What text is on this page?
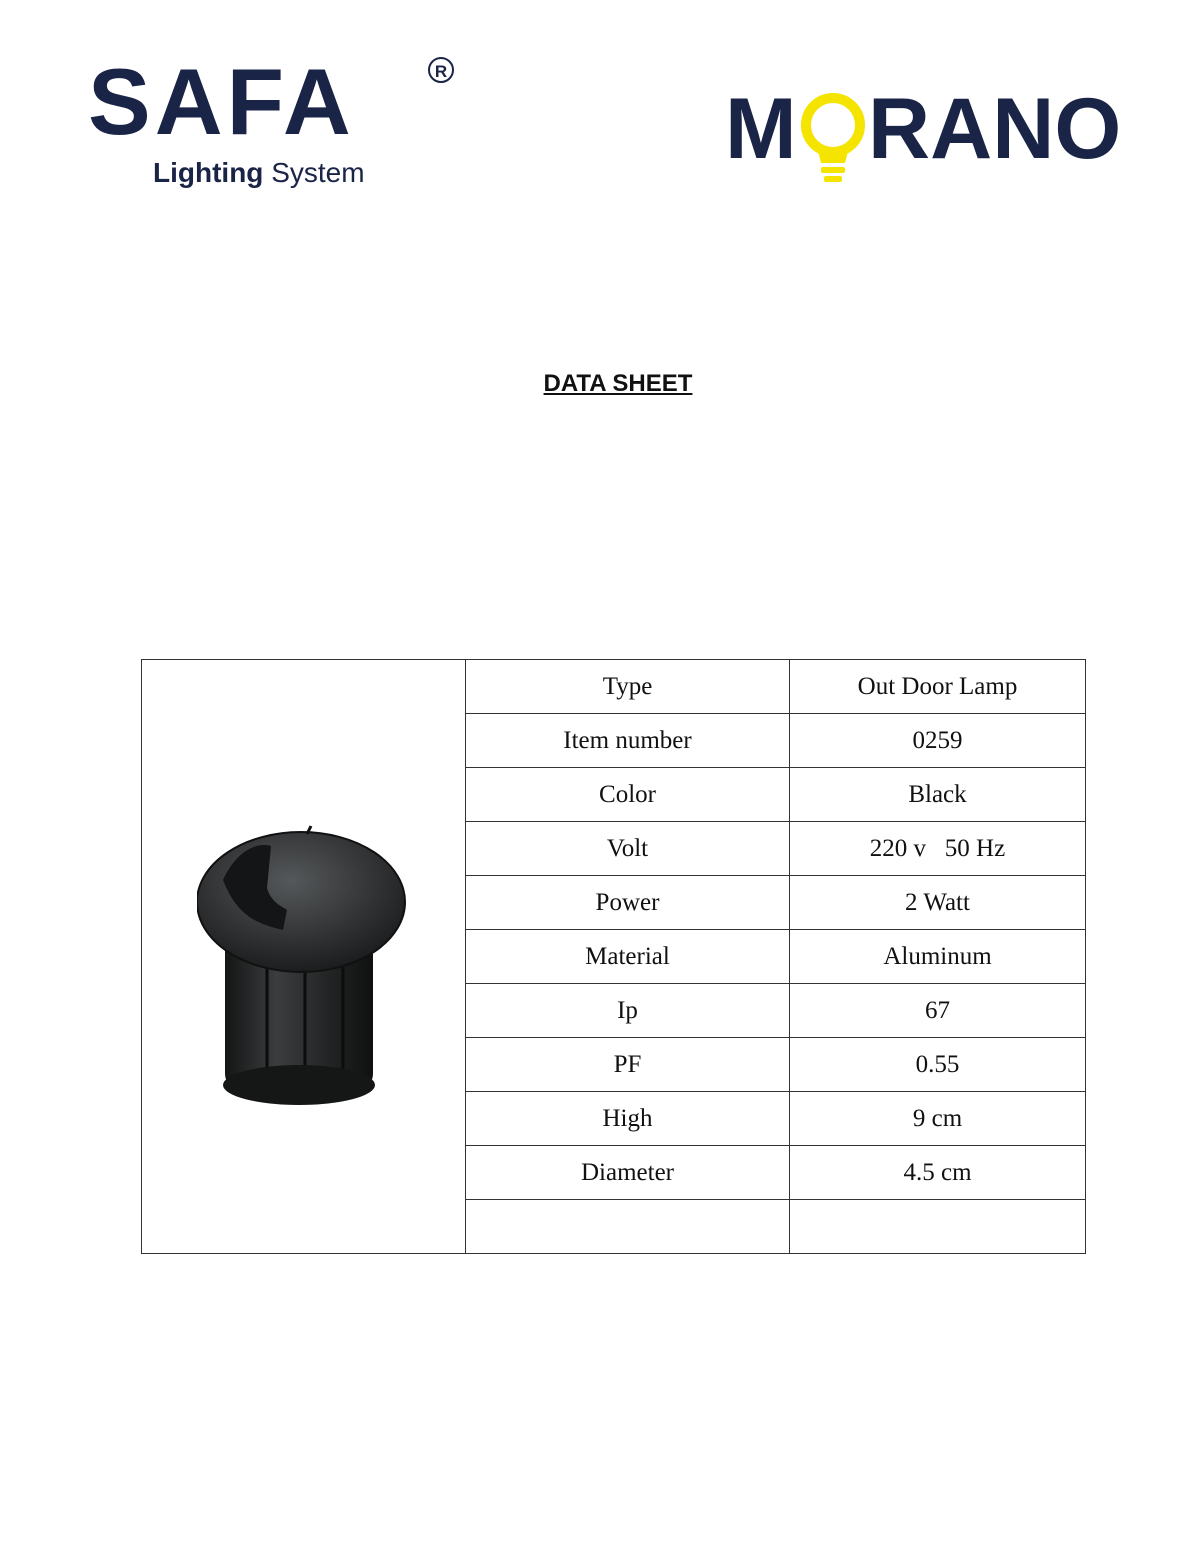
SAFA	R
Lighting System	M RANO
DATA SHEET
	Type	Out Door Lamp
	Item number	0259
	Color	Black
	Volt	220 v   50 Hz
	Power	2 Watt
	Material	Aluminum
	Ip	67
	PF	0.55
	High	9 cm
	Diameter	4.5 cm
